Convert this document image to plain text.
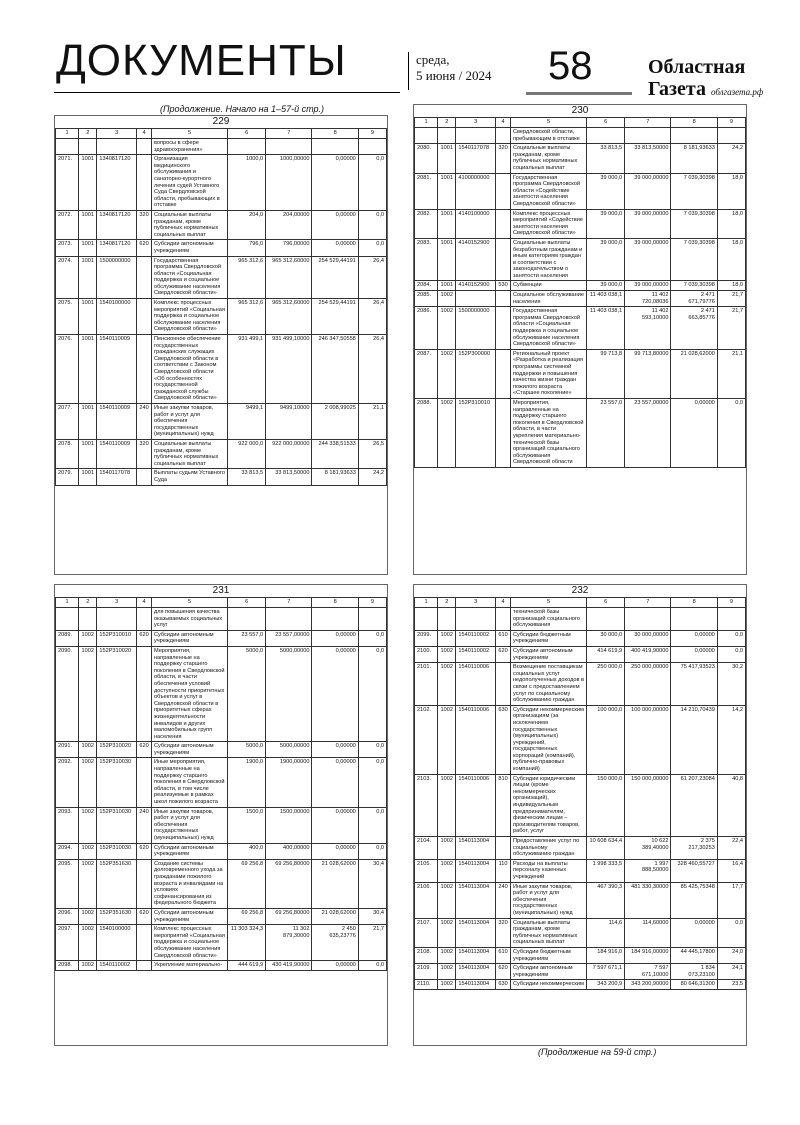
ДОКУМЕНТЫ	среда,
5 июня / 2024 58	Областная
Газета облгазета.рф
(Продолжение. Начало на 1–57-й стр.)
229
1	2	3	4	5	6	7	8	9
				вопросы в сфере здравоохранения»				
2071.	1001	1340817120		Организация медицинского обслуживания и санаторно-курортного лечения судей Уставного Суда Свердловской области, пребывающих в отставке	1000,0	1000,00000	0,00000	0,0
2072.	1001	1340817120	320	Социальные выплаты гражданам, кроме публичных нормативных социальных выплат	204,0	204,00000	0,00000	0,0
2073.	1001	1340817120	620	Субсидии автономным учреждениям	796,0	796,00000	0,00000	0,0
2074.	1001	1500000000		Государственная программа Свердловской области «Социальная поддержка и социальное обслуживание населения Свердловской области»	965 312,6	965 312,60000	254 529,44191	26,4
2075.	1001	1540100000		Комплекс процессных мероприятий «Социальная поддержка и социальное обслуживание населения Свердловской области»	965 312,6	965 312,60000	254 529,44191	26,4
2076.	1001	1540110009		Пенсионное обеспечение государственных гражданских служащих Свердловской области в соответствии с Законом Свердловской области «Об особенностях государственной гражданской службы Свердловской области»	931 499,1	931 499,10000	246 347,50558	26,4
2077.	1001	1540110009	240	Иные закупки товаров, работ и услуг для обеспечения государственных (муниципальных) нужд	9499,1	9499,10000	2 008,99025	21,1
2078.	1001	1540110009	320	Социальные выплаты гражданам, кроме публичных нормативных социальных выплат	922 000,0	922 000,00000	244 338,51533	26,5
2079.	1001	1540117078		Выплаты судьям Уставного Суда	33 813,5	33 813,50000	8 181,93633	24,2
230
1	2	3	4	5	6	7	8	9
				Свердловской области, пребывающим в отставке				
2080.	1001	1540117078	320	Социальные выплаты гражданам, кроме публичных нормативных социальных выплат	33 813,5	33 813,50000	8 181,93633	24,2
2081.	1001	4100000000		Государственная программа Свердловской области «Содействие занятости населения Свердловской области»	39 000,0	39 000,00000	7 039,30398	18,0
2082.	1001	4140100000		Комплекс процессных мероприятий «Содействие занятости населения Свердловской области»	39 000,0	39 000,00000	7 039,30398	18,0
2083.	1001	4140152900		Социальные выплаты безработным гражданам и иным категориям граждан в соответствии с законодательством о занятости населения	39 000,0	39 000,00000	7 039,30398	18,0
2084.	1001	4140152900	530	Субвенции	39 000,0	39 000,00000	7 039,30398	18,0
2085.	1002			Социальное обслуживание населения	11 403 038,1	11 402 720,08036	2 471 671,79776	21,7
2086.	1002	1500000000		Государственная программа Свердловской области «Социальная поддержка и социальное обслуживание населения Свердловской области»	11 403 038,1	11 402 593,10000	2 471 663,85776	21,7
2087.	1002	152P300000		Региональный проект «Разработка и реализация программы системной поддержки и повышения качества жизни граждан пожилого возраста «Старшее поколение»	99 713,8	99 713,80000	21 028,62000	21,1
2088.	1002	152P310010		Мероприятия, направленные на поддержку старшего поколения в Свердловской области, в части укрепления материально-технической базы организаций социального обслуживания Свердловской области	23 557,0	23 557,00000	0,00000	0,0
231
1	2	3	4	5	6	7	8	9
				для повышения качества оказываемых социальных услуг				
2089.	1002	152P310010	620	Субсидии автономным учреждениям	23 557,0	23 557,00000	0,00000	0,0
2090.	1002	152P310020		Мероприятия, направленные на поддержку старшего поколения в Свердловской области, в части обеспечения условий доступности приоритетных объектов и услуг в Свердловской области в приоритетных сферах жизнедеятельности инвалидов и других маломобильных групп населения	5000,0	5000,00000	0,00000	0,0
2091.	1002	152P310020	620	Субсидии автономным учреждениям	5000,0	5000,00000	0,00000	0,0
2092.	1002	152P310030		Иные мероприятия, направленные на поддержку старшего поколения в Свердловской области, в том числе реализуемые в рамках школ пожилого возраста	1900,0	1900,00000	0,00000	0,0
2093.	1002	152P310030	240	Иные закупки товаров, работ и услуг для обеспечения государственных (муниципальных) нужд	1500,0	1500,00000	0,00000	0,0
2094.	1002	152P310030	620	Субсидии автономным учреждениям	400,0	400,00000	0,00000	0,0
2095.	1002	152P351630		Создание системы долговременного ухода за гражданами пожилого возраста и инвалидами на условиях софинансирования из федерального бюджета	69 256,8	69 256,80000	21 028,62000	30,4
2096.	1002	152P351630	620	Субсидии автономным учреждениям	69 256,8	69 256,80000	21 028,62000	30,4
2097.	1002	1540100000		Комплекс процессных мероприятий «Социальная поддержка и социальное обслуживание населения Свердловской области»	11 303 324,3	11 302 879,30000	2 450 635,23776	21,7
2098.	1002	1540110002		Укрепление материально-	444 619,9	430 419,90000	0,00000	0,0
232
1	2	3	4	5	6	7	8	9
				технической базы организаций социального обслуживания				
2099.	1002	1540110002	610	Субсидии бюджетным учреждениям	30 000,0	30 000,00000	0,00000	0,0
2100.	1002	1540110002	620	Субсидии автономным учреждениям	414 619,9	400 419,90000	0,00000	0,0
2101.	1002	1540110006		Возмещение поставщикам социальных услуг недополученных доходов в связи с предоставлением услуг по социальному обслуживанию граждан	250 000,0	250 000,00000	75 417,93523	30,2
2102.	1002	1540110006	630	Субсидии некоммерческим организациям (за исключением государственных (муниципальных) учреждений, государственных корпораций (компаний), публично-правовых компаний)	100 000,0	100 000,00000	14 210,70439	14,2
2103.	1002	1540110006	810	Субсидии юридическим лицам (кроме некоммерческих организаций), индивидуальным предпринимателям, физическим лицам – производителям товаров, работ, услуг	150 000,0	150 000,00000	61 207,23084	40,8
2104.	1002	1540113004		Предоставление услуг по социальному обслуживанию граждан	10 608 634,4	10 622 389,40000	2 375 217,30253	22,4
2105.	1002	1540113004	110	Расходы на выплаты персоналу казенных учреждений	1 998 333,5	1 997 888,50000	328 460,55727	16,4
2106.	1002	1540113004	240	Иные закупки товаров, работ и услуг для обеспечения государственных (муниципальных) нужд	467 390,3	481 330,30000	85 425,75348	17,7
2107.	1002	1540113004	320	Социальные выплаты гражданам, кроме публичных нормативных социальных выплат	114,6	114,60000	0,00000	0,0
2108.	1002	1540113004	610	Субсидии бюджетным учреждениям	184 916,0	184 916,00000	44 445,17800	24,0
2109.	1002	1540113004	620	Субсидии автономным учреждениям	7 597 671,1	7 597 671,10000	1 834 073,23100	24,1
2110.	1002	1540113004	630	Субсидии некоммерческим	343 200,9	343 200,90000	80 646,31300	23,5
(Продолжение на 59-й стр.)
